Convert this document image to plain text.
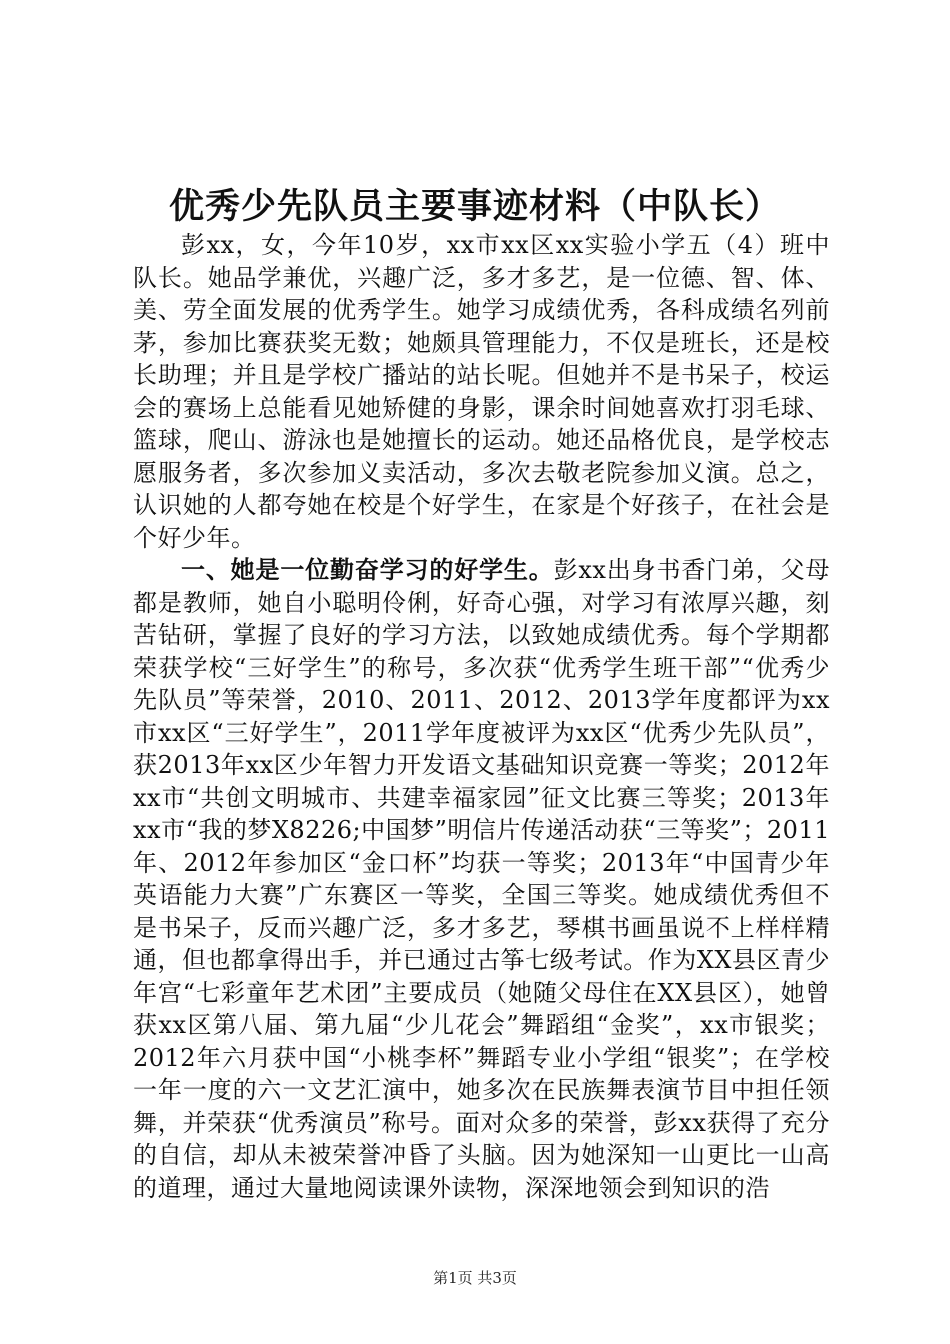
优秀少先队员主要事迹材料（中队长）

彭xx，女，今年10岁，xx市xx区xx实验小学五（4）班中队长。她品学兼优，兴趣广泛，多才多艺，是一位德、智、体、美、劳全面发展的优秀学生。她学习成绩优秀，各科成绩名列前茅，参加比赛获奖无数；她颇具管理能力，不仅是班长，还是校长助理；并且是学校广播站的站长呢。但她并不是书呆子，校运会的赛场上总能看见她矫健的身影，课余时间她喜欢打羽毛球、篮球，爬山、游泳也是她擅长的运动。她还品格优良，是学校志愿服务者，多次参加义卖活动，多次去敬老院参加义演。总之，认识她的人都夸她在校是个好学生，在家是个好孩子，在社会是个好少年。

一、她是一位勤奋学习的好学生。彭xx出身书香门弟，父母都是教师，她自小聪明伶俐，好奇心强，对学习有浓厚兴趣，刻苦钻研，掌握了良好的学习方法，以致她成绩优秀。每个学期都荣获学校“三好学生”的称号，多次获“优秀学生班干部”“优秀少先队员”等荣誉，2010、2011、2012、2013学年度都评为xx市xx区“三好学生”，2011学年度被评为xx区“优秀少先队员”，获2013年xx区少年智力开发语文基础知识竞赛一等奖；2012年xx市“共创文明城市、共建幸福家园”征文比赛三等奖；2013年xx市“我的梦X8226;中国梦”明信片传递活动获“三等奖”；2011年、2012年参加区“金口杯”均获一等奖；2013年“中国青少年英语能力大赛”广东赛区一等奖，全国三等奖。她成绩优秀但不是书呆子，反而兴趣广泛，多才多艺，琴棋书画虽说不上样样精通，但也都拿得出手，并已通过古筝七级考试。作为XX县区青少年宫“七彩童年艺术团”主要成员（她随父母住在XX县区），她曾获xx区第八届、第九届“少儿花会”舞蹈组“金奖”，xx市银奖；2012年六月获中国“小桃李杯”舞蹈专业小学组“银奖”；在学校一年一度的六一文艺汇演中，她多次在民族舞表演节目中担任领舞，并荣获“优秀演员”称号。面对众多的荣誉，彭xx获得了充分的自信，却从未被荣誉冲昏了头脑。因为她深知一山更比一山高的道理，通过大量地阅读课外读物，深深地领会到知识的浩

第1页 共3页
